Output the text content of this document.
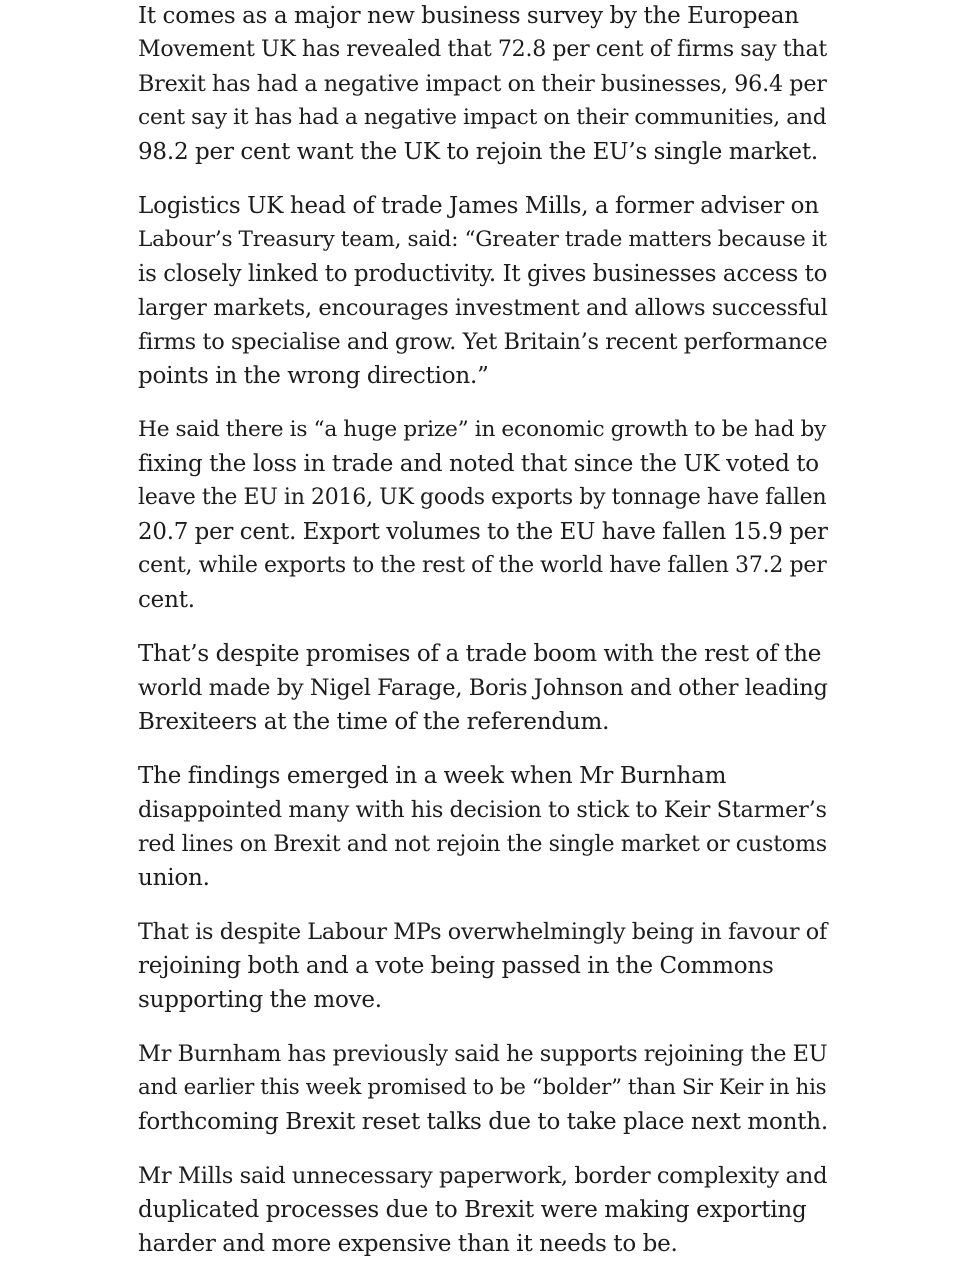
It comes as a major new business survey by the European
Movement UK has revealed that 72.8 per cent of firms say that
Brexit has had a negative impact on their businesses, 96.4 per
cent say it has had a negative impact on their communities, and
98.2 per cent want the UK to rejoin the EU’s single market.

Logistics UK head of trade James Mills, a former adviser on
Labour’s Treasury team, said: “Greater trade matters because it
is closely linked to productivity. It gives businesses access to
larger markets, encourages investment and allows successful
firms to specialise and grow. Yet Britain’s recent performance
points in the wrong direction.”

He said there is “a huge prize” in economic growth to be had by
fixing the loss in trade and noted that since the UK voted to
leave the EU in 2016, UK goods exports by tonnage have fallen
20.7 per cent. Export volumes to the EU have fallen 15.9 per
cent, while exports to the rest of the world have fallen 37.2 per
cent.

That’s despite promises of a trade boom with the rest of the
world made by Nigel Farage, Boris Johnson and other leading
Brexiteers at the time of the referendum.

The findings emerged in a week when Mr Burnham
disappointed many with his decision to stick to Keir Starmer’s
red lines on Brexit and not rejoin the single market or customs
union.

That is despite Labour MPs overwhelmingly being in favour of
rejoining both and a vote being passed in the Commons
supporting the move.

Mr Burnham has previously said he supports rejoining the EU
and earlier this week promised to be “bolder” than Sir Keir in his
forthcoming Brexit reset talks due to take place next month.

Mr Mills said unnecessary paperwork, border complexity and
duplicated processes due to Brexit were making exporting
harder and more expensive than it needs to be.
